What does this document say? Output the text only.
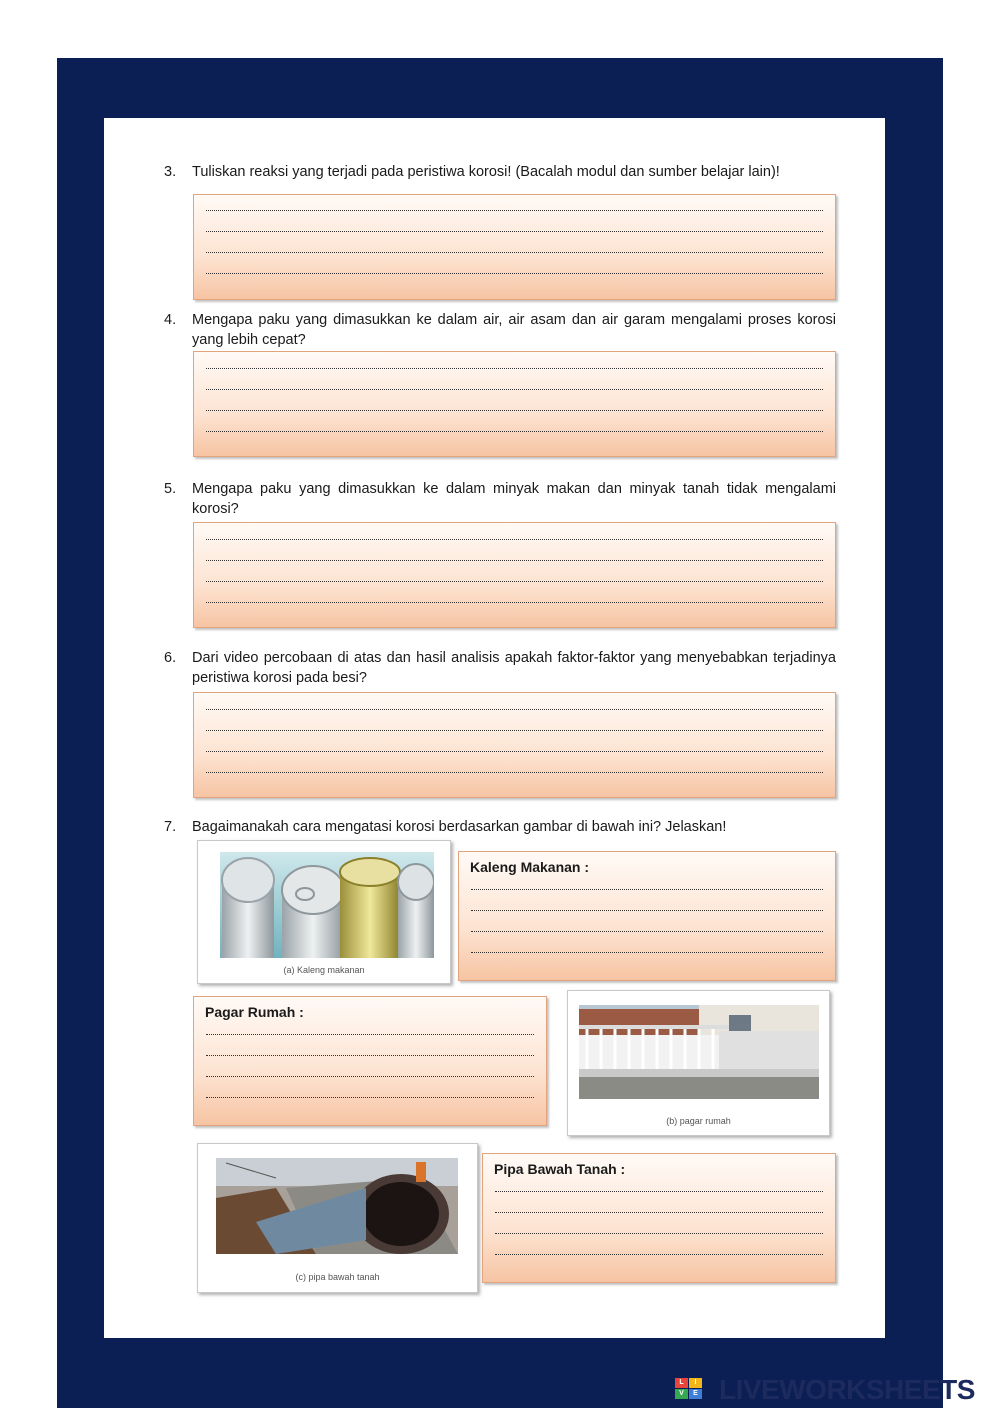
3. Tuliskan reaksi yang terjadi pada peristiwa korosi! (Bacalah modul dan sumber belajar lain)!
4. Mengapa paku yang dimasukkan ke dalam air, air asam dan air garam mengalami proses korosi yang lebih cepat?
5. Mengapa paku yang dimasukkan ke dalam minyak makan dan minyak tanah tidak mengalami korosi?
6. Dari video percobaan di atas dan hasil analisis apakah faktor-faktor yang menyebabkan terjadinya peristiwa korosi pada besi?
7. Bagaimanakah cara mengatasi korosi berdasarkan gambar di bawah ini? Jelaskan!
(a) Kaleng makanan
Kaleng Makanan :
Pagar Rumah :
(b) pagar rumah
(c) pipa bawah tanah
Pipa Bawah Tanah :
L	I
V	E LIVEWORKSHEETS
